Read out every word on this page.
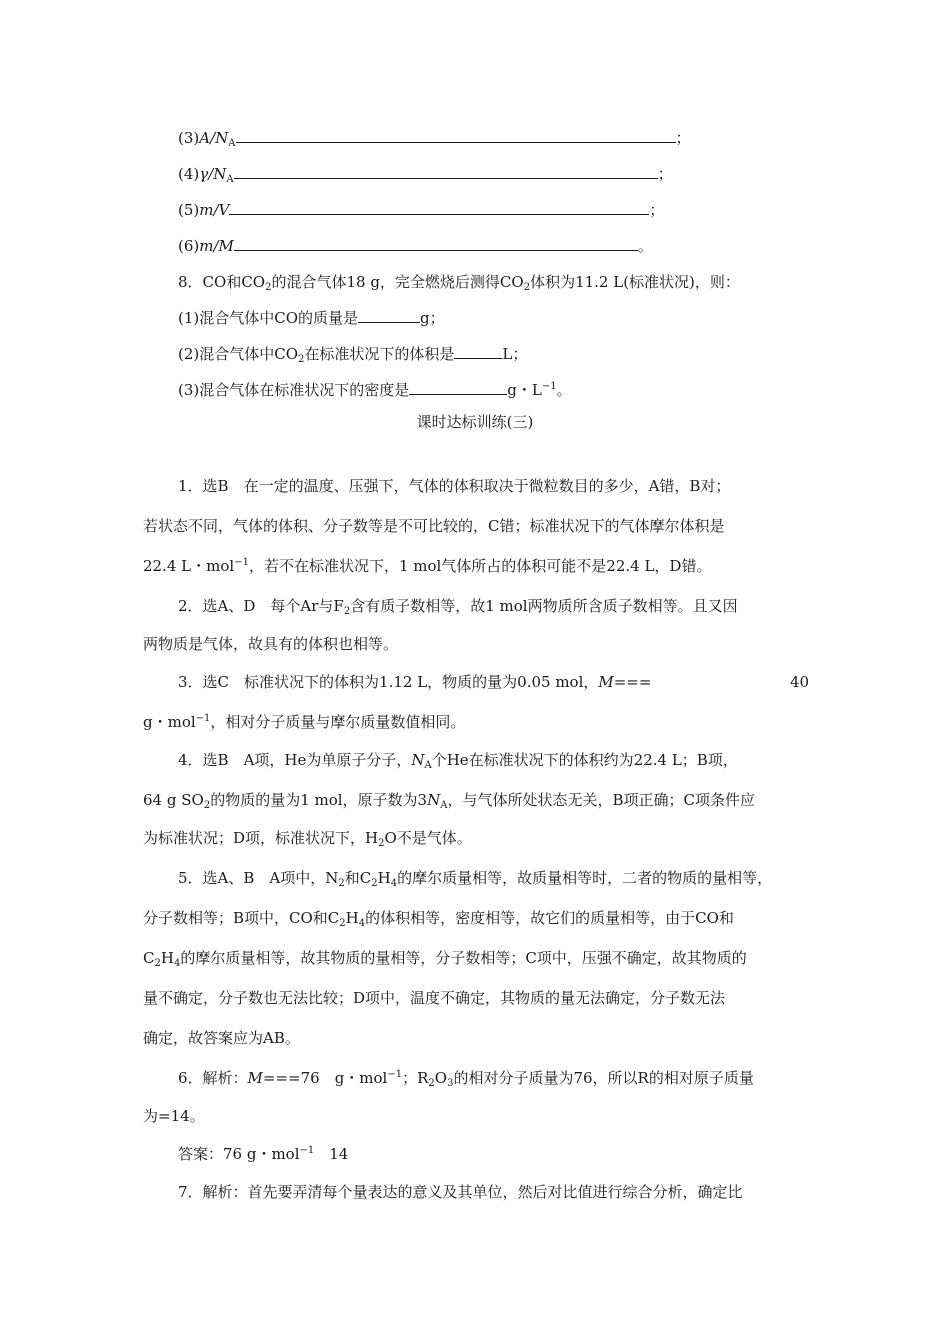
$(3)A/N_A$	；
$(4)\gamma/N_A$	；
(5)m/V	；
(6)m/M	。
8．CO和$CO_2$的混合气体18 g，完全燃烧后测得$CO_2$体积为11.2 L(标准状况)，则：
(1)混合气体中CO的质量是	g；
(2)混合气体中$CO_2$在标准状况下的体积是	L；
(3)混合气体在标准状况下的密度是	g・$L^{-1}$。
课时达标训练(三)
1．选B　在一定的温度、压强下，气体的体积取决于微粒数目的多少，A错，B对；
若状态不同，气体的体积、分子数等是不可比较的，C错；标准状况下的气体摩尔体积是
22.4 L・mol$^{-1}$，若不在标准状况下，1 mol气体所占的体积可能不是22.4 L，D错。
2．选A、D　每个Ar与$F_2$含有质子数相等，故1 mol两物质所含质子数相等。且又因
两物质是气体，故具有的体积也相等。
3．选C　标准状况下的体积为1.12 L，物质的量为0.05 mol，M===	40
g・mol$^{-1}$，相对分子质量与摩尔质量数值相同。
4．选B　A项，He为单原子分子，$N_A$个He在标准状况下的体积约为22.4 L；B项，
64 g $SO_2$的物质的量为1 mol，原子数为$3N_A$，与气体所处状态无关，B项正确；C项条件应
为标准状况；D项，标准状况下，$H_2O$不是气体。
5．选A、B　A项中，$N_2$和$C_2H_4$的摩尔质量相等，故质量相等时，二者的物质的量相等，
分子数相等；B项中，CO和$C_2H_4$的体积相等，密度相等，故它们的质量相等，由于CO和
$C_2H_4$的摩尔质量相等，故其物质的量相等，分子数相等；C项中，压强不确定，故其物质的
量不确定，分子数也无法比较；D项中，温度不确定，其物质的量无法确定，分子数无法
确定，故答案应为AB。
6．解析：M===76　g・mol$^{-1}$；$R_2O_3$的相对分子质量为76，所以R的相对原子质量
为=14。
答案：76 g・mol$^{-1}$　14
7．解析：首先要弄清每个量表达的意义及其单位，然后对比值进行综合分析，确定比
